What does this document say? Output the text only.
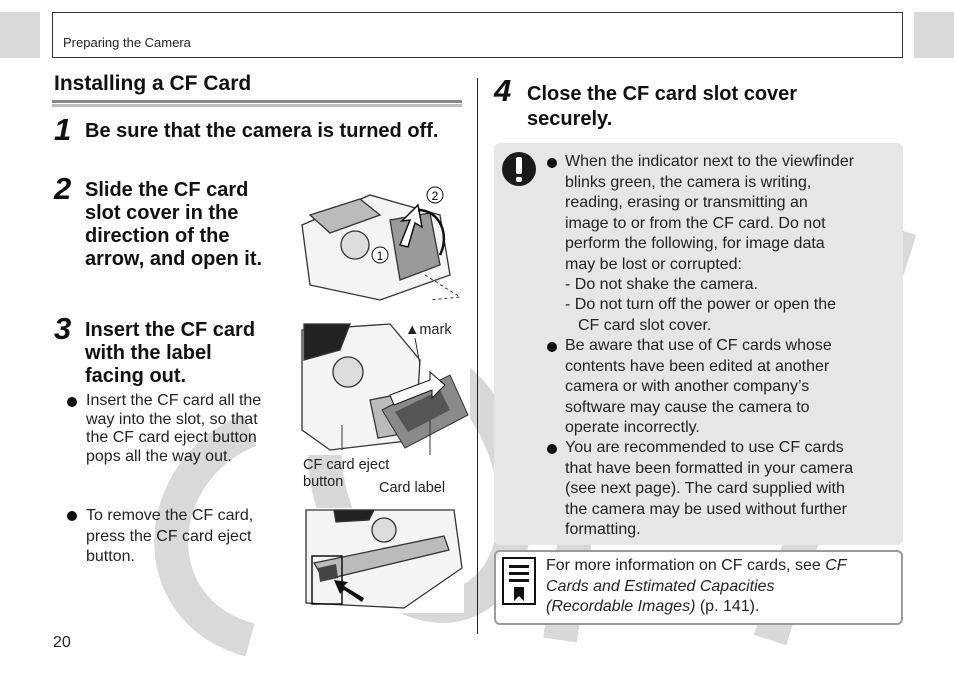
Preparing the Camera
Installing a CF Card
1 Be sure that the camera is turned off.
2 Slide the CF card
slot cover in the
direction of the
arrow, and open it.	1
2
3 Insert the CF card
with the label
facing out.
Insert the CF card all the
way into the slot, so that
the CF card eject button
pops all the way out.
To remove the CF card,
press the CF card eject
button.
▲mark
CF card eject
button	Card label
20
4 Close the CF card slot cover
securely.
When the indicator next to the viewfinder
blinks green, the camera is writing,
reading, erasing or transmitting an
image to or from the CF card. Do not
perform the following, for image data
may be lost or corrupted:
- Do not shake the camera.
- Do not turn off the power or open the
CF card slot cover.
Be aware that use of CF cards whose
contents have been edited at another
camera or with another company’s
software may cause the camera to
operate incorrectly.
You are recommended to use CF cards
that have been formatted in your camera
(see next page). The card supplied with
the camera may be used without further
formatting.
For more information on CF cards, see CF
Cards and Estimated Capacities
(Recordable Images) (p. 141).
